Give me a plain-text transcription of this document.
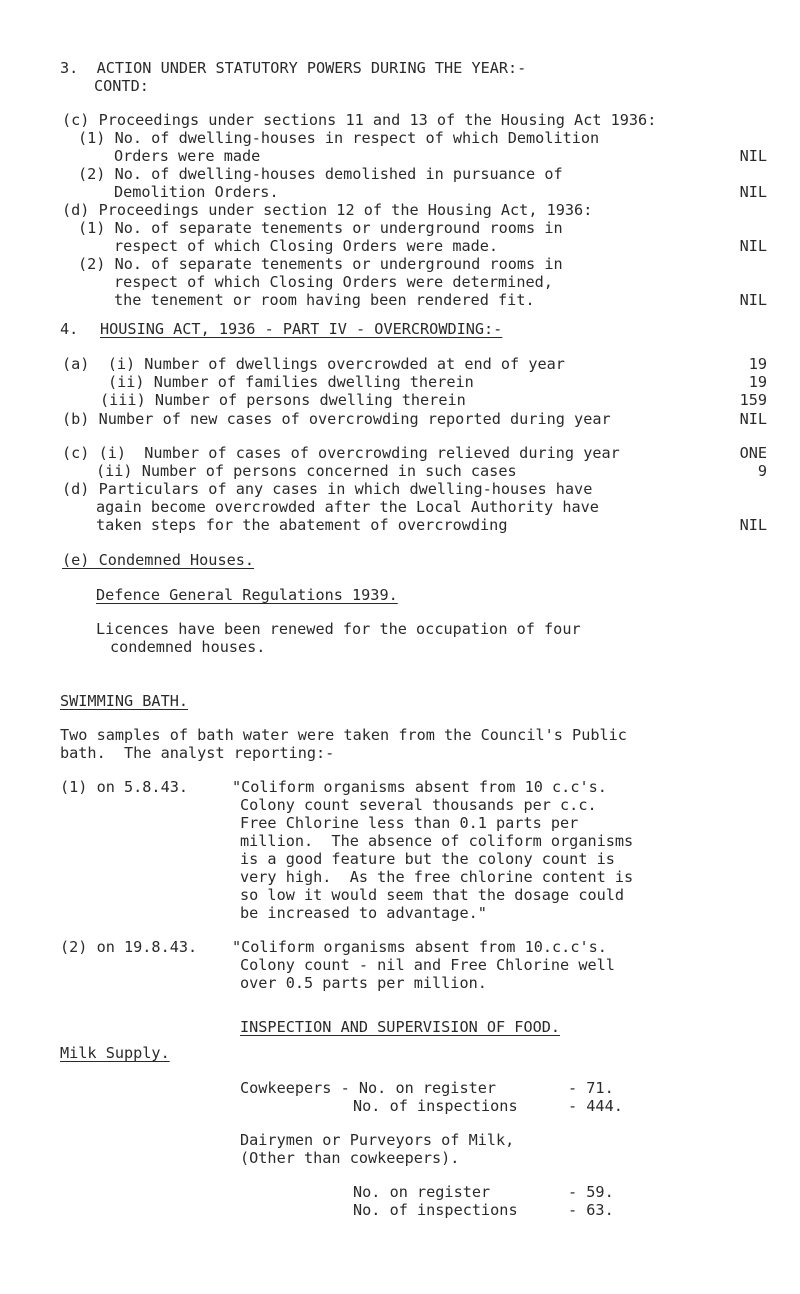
3.  ACTION UNDER STATUTORY POWERS DURING THE YEAR:-
CONTD:
(c) Proceedings under sections 11 and 13 of the Housing Act 1936:
(1) No. of dwelling-houses in respect of which Demolition
Orders were made	NIL
(2) No. of dwelling-houses demolished in pursuance of
Demolition Orders.	NIL
(d) Proceedings under section 12 of the Housing Act, 1936:
(1) No. of separate tenements or underground rooms in
respect of which Closing Orders were made.	NIL
(2) No. of separate tenements or underground rooms in
respect of which Closing Orders were determined,
the tenement or room having been rendered fit.	NIL
4. HOUSING ACT, 1936 - PART IV - OVERCROWDING:-
(a)  (i) Number of dwellings overcrowded at end of year	19
(ii) Number of families dwelling therein	19
(iii) Number of persons dwelling therein	159
(b) Number of new cases of overcrowding reported during year	NIL
(c) (i)  Number of cases of overcrowding relieved during year	ONE
(ii) Number of persons concerned in such cases	9
(d) Particulars of any cases in which dwelling-houses have
again become overcrowded after the Local Authority have
taken steps for the abatement of overcrowding	NIL
(e) Condemned Houses.
Defence General Regulations 1939.
Licences have been renewed for the occupation of four
condemned houses.
SWIMMING BATH.
Two samples of bath water were taken from the Council's Public
bath.  The analyst reporting:-
(1) on 5.8.43.	"Coliform organisms absent from 10 c.c's.
Colony count several thousands per c.c.
Free Chlorine less than 0.1 parts per
million.  The absence of coliform organisms
is a good feature but the colony count is
very high.  As the free chlorine content is
so low it would seem that the dosage could
be increased to advantage."
(2) on 19.8.43. "Coliform organisms absent from 10.c.c's.
Colony count - nil and Free Chlorine well
over 0.5 parts per million.
INSPECTION AND SUPERVISION OF FOOD.
Milk Supply.
Cowkeepers - No. on register	- 71.
No. of inspections	- 444.
Dairymen or Purveyors of Milk,
(Other than cowkeepers).
No. on register	- 59.
No. of inspections	- 63.
